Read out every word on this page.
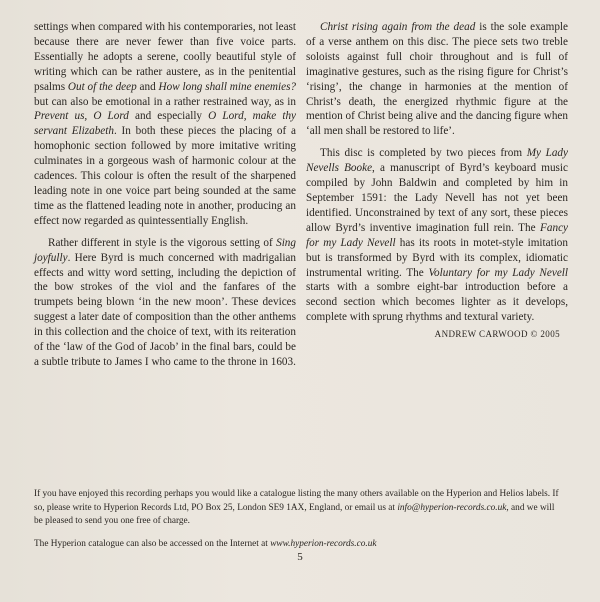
settings when compared with his contemporaries, not least because there are never fewer than five voice parts. Essentially he adopts a serene, coolly beautiful style of writing which can be rather austere, as in the penitential psalms Out of the deep and How long shall mine enemies? but can also be emotional in a rather restrained way, as in Prevent us, O Lord and especially O Lord, make thy servant Elizabeth. In both these pieces the placing of a homophonic section followed by more imitative writing culminates in a gorgeous wash of harmonic colour at the cadences. This colour is often the result of the sharpened leading note in one voice part being sounded at the same time as the flattened leading note in another, producing an effect now regarded as quintessentially English.

Rather different in style is the vigorous setting of Sing joyfully. Here Byrd is much concerned with madrigalian effects and witty word setting, including the depiction of the bow strokes of the viol and the fanfares of the trumpets being blown ‘in the new moon’. These devices suggest a later date of composition than the other anthems in this collection and the choice of text, with its reiteration of the ‘law of the God of Jacob’ in the final bars, could be a subtle tribute to James I who came to the throne in 1603.

Christ rising again from the dead is the sole example of a verse anthem on this disc. The piece sets two treble soloists against full choir throughout and is full of imaginative gestures, such as the rising figure for Christ’s ‘rising’, the change in harmonies at the mention of Christ’s death, the energized rhythmic figure at the mention of Christ being alive and the dancing figure when ‘all men shall be restored to life’.

This disc is completed by two pieces from My Lady Nevells Booke, a manuscript of Byrd’s keyboard music compiled by John Baldwin and completed by him in September 1591: the Lady Nevell has not yet been identified. Unconstrained by text of any sort, these pieces allow Byrd’s inventive imagination full rein. The Fancy for my Lady Nevell has its roots in motet-style imitation but is transformed by Byrd with its complex, idiomatic instrumental writing. The Voluntary for my Lady Nevell starts with a sombre eight-bar introduction before a second section which becomes lighter as it develops, complete with sprung rhythms and textural variety.

ANDREW CARWOOD © 2005

If you have enjoyed this recording perhaps you would like a catalogue listing the many others available on the Hyperion and Helios labels. If so, please write to Hyperion Records Ltd, PO Box 25, London SE9 1AX, England, or email us at info@hyperion-records.co.uk, and we will be pleased to send you one free of charge.

The Hyperion catalogue can also be accessed on the Internet at www.hyperion-records.co.uk

5
